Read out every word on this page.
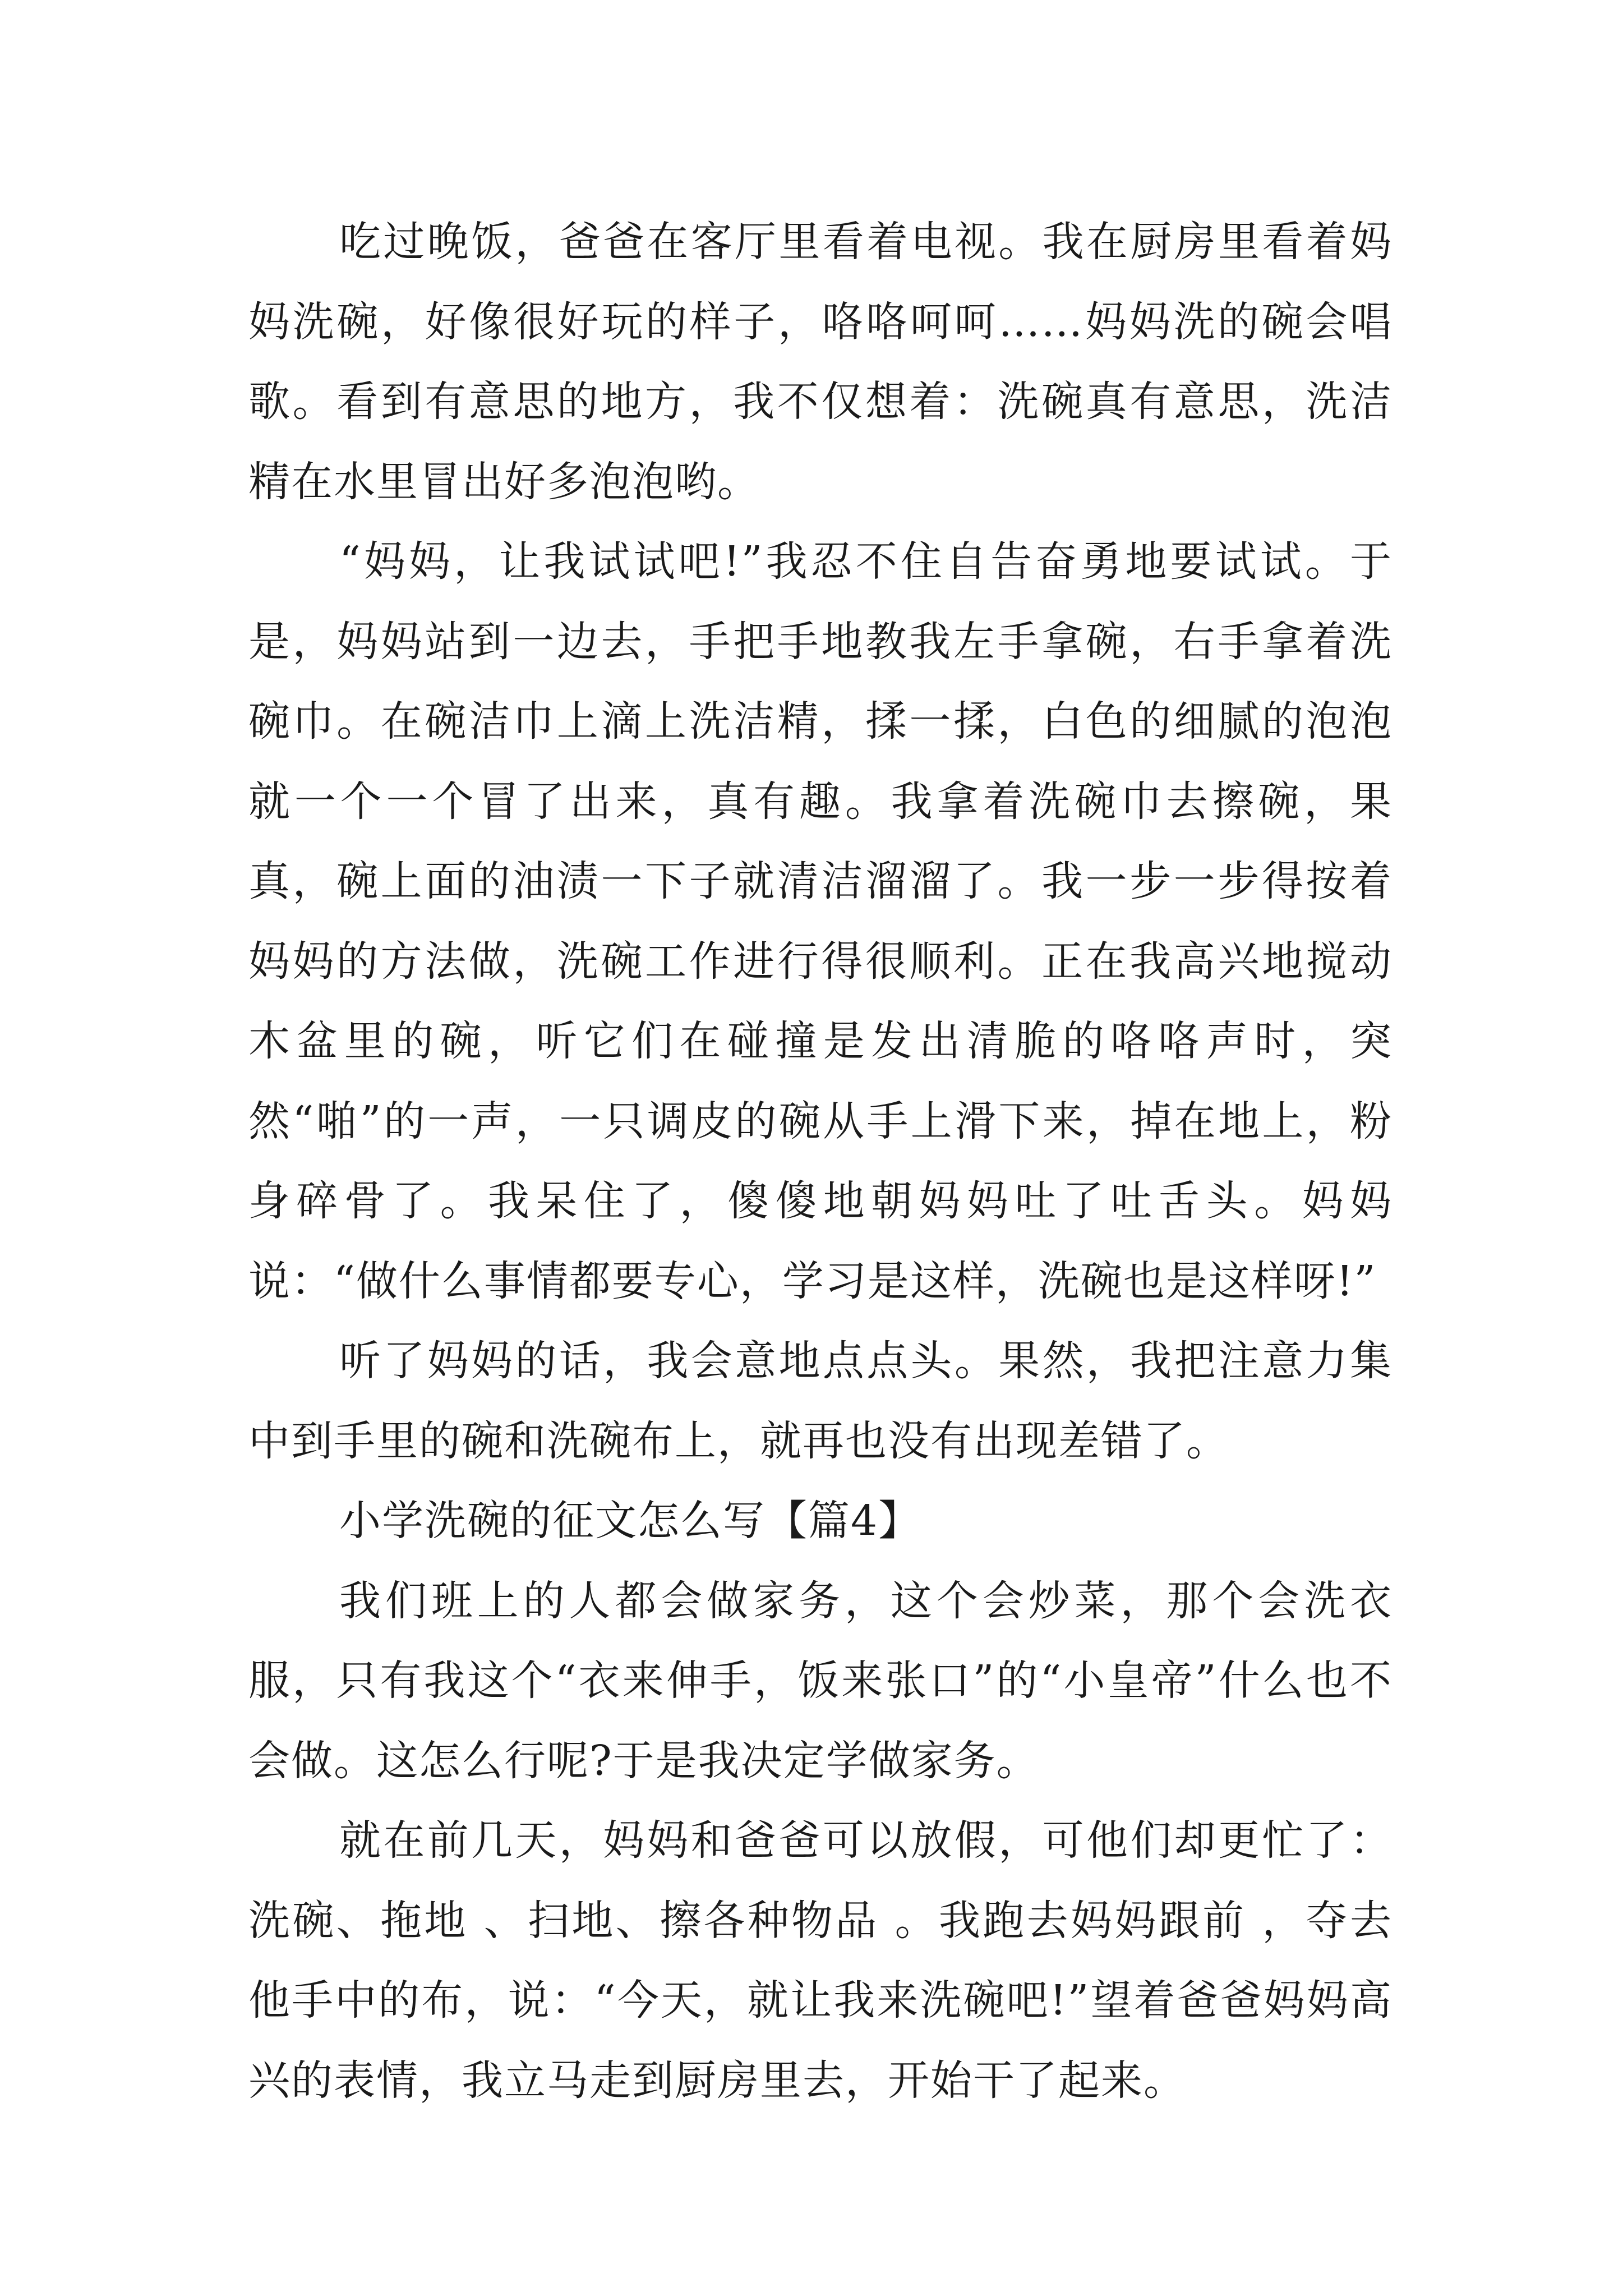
吃过晚饭，爸爸在客厅里看着电视。我在厨房里看着妈妈洗碗，好像很好玩的样子，咯咯呵呵……妈妈洗的碗会唱歌。看到有意思的地方，我不仅想着：洗碗真有意思，洗洁精在水里冒出好多泡泡哟。

“妈妈，让我试试吧!”我忍不住自告奋勇地要试试。于是，妈妈站到一边去，手把手地教我左手拿碗，右手拿着洗碗巾。在碗洁巾上滴上洗洁精，揉一揉，白色的细腻的泡泡就一个一个冒了出来，真有趣。我拿着洗碗巾去擦碗，果真，碗上面的油渍一下子就清洁溜溜了。我一步一步得按着妈妈的方法做，洗碗工作进行得很顺利。正在我高兴地搅动木盆里的碗，听它们在碰撞是发出清脆的咯咯声时，突然“啪”的一声，一只调皮的碗从手上滑下来，掉在地上，粉身碎骨了。我呆住了，傻傻地朝妈妈吐了吐舌头。妈妈说：“做什么事情都要专心，学习是这样，洗碗也是这样呀!”

听了妈妈的话，我会意地点点头。果然，我把注意力集中到手里的碗和洗碗布上，就再也没有出现差错了。

小学洗碗的征文怎么写【篇4】

我们班上的人都会做家务，这个会炒菜，那个会洗衣服，只有我这个“衣来伸手，饭来张口”的“小皇帝”什么也不会做。这怎么行呢?于是我决定学做家务。

就在前几天，妈妈和爸爸可以放假，可他们却更忙了：洗碗、拖地 、扫地、擦各种物品 。我跑去妈妈跟前 ，夺去他手中的布，说：“今天，就让我来洗碗吧!”望着爸爸妈妈高兴的表情，我立马走到厨房里去，开始干了起来。
